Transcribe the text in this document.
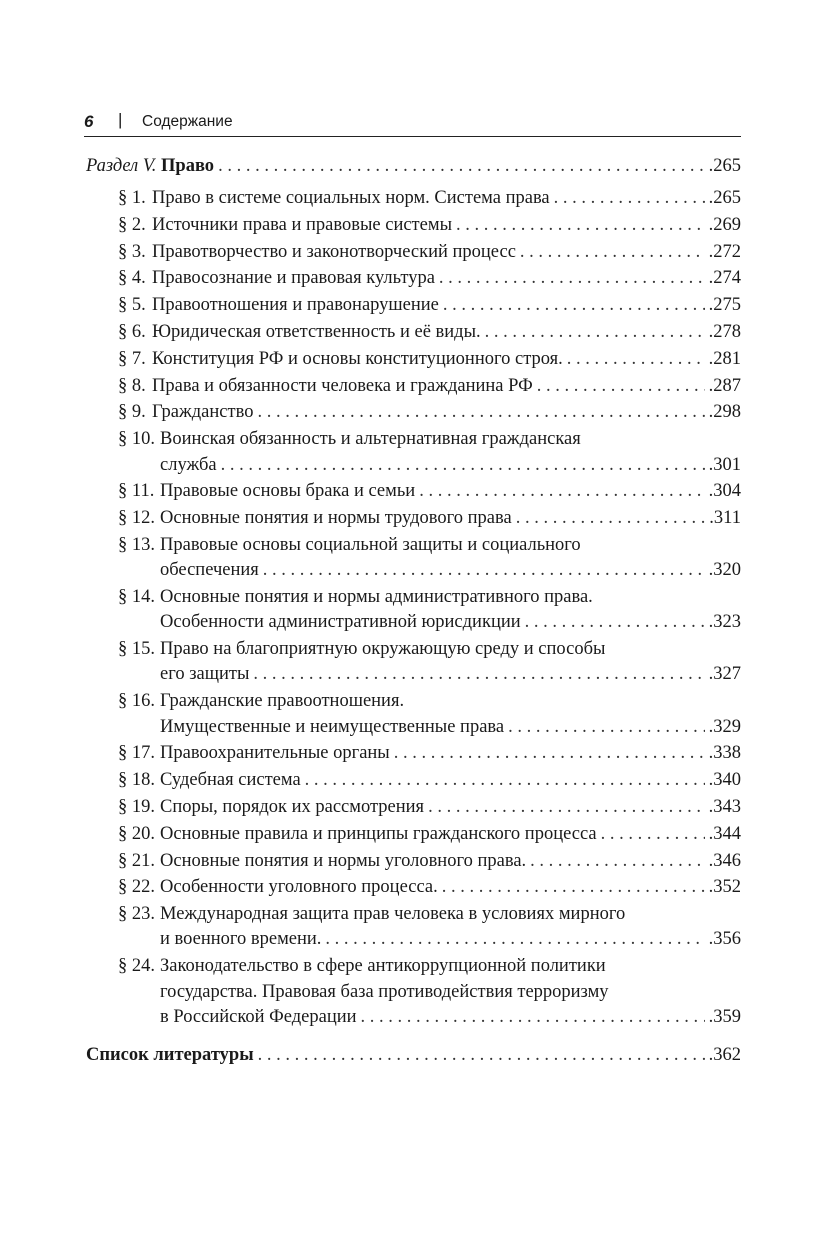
6 | Содержание
Раздел V. Право . . .	.265
§ 1. Право в системе социальных норм. Система права . . .	.265
§ 2. Источники права и правовые системы . . .	.269
§ 3. Правотворчество и законотворческий процесс . . .	.272
§ 4. Правосознание и правовая культура . . .	.274
§ 5. Правоотношения и правонарушение . . .	.275
§ 6. Юридическая ответственность и её виды. . . .	.278
§ 7. Конституция РФ и основы конституционного строя. . . .	.281
§ 8. Права и обязанности человека и гражданина РФ . . .	.287
§ 9. Гражданство . . .	.298
§ 10. Воинская обязанность и альтернативная гражданская
служба . . .	.301
§ 11. Правовые основы брака и семьи . . .	.304
§ 12. Основные понятия и нормы трудового права . . .	.311
§ 13. Правовые основы социальной защиты и социального
обеспечения . . .	.320
§ 14. Основные понятия и нормы административного права.
Особенности административной юрисдикции . . .	.323
§ 15. Право на благоприятную окружающую среду и способы
его защиты . . .	.327
§ 16. Гражданские правоотношения.
Имущественные и неимущественные права . . .	.329
§ 17. Правоохранительные органы . . .	.338
§ 18. Судебная система . . .	.340
§ 19. Споры, порядок их рассмотрения . . .	.343
§ 20. Основные правила и принципы гражданского процесса . . .	.344
§ 21. Основные понятия и нормы уголовного права. . . .	.346
§ 22. Особенности уголовного процесса. . . .	.352
§ 23. Международная защита прав человека в условиях мирного
и военного времени. . . .	.356
§ 24. Законодательство в сфере антикоррупционной политики
государства. Правовая база противодействия терроризму
в Российской Федерации . . .	.359
Список литературы . . .	.362
